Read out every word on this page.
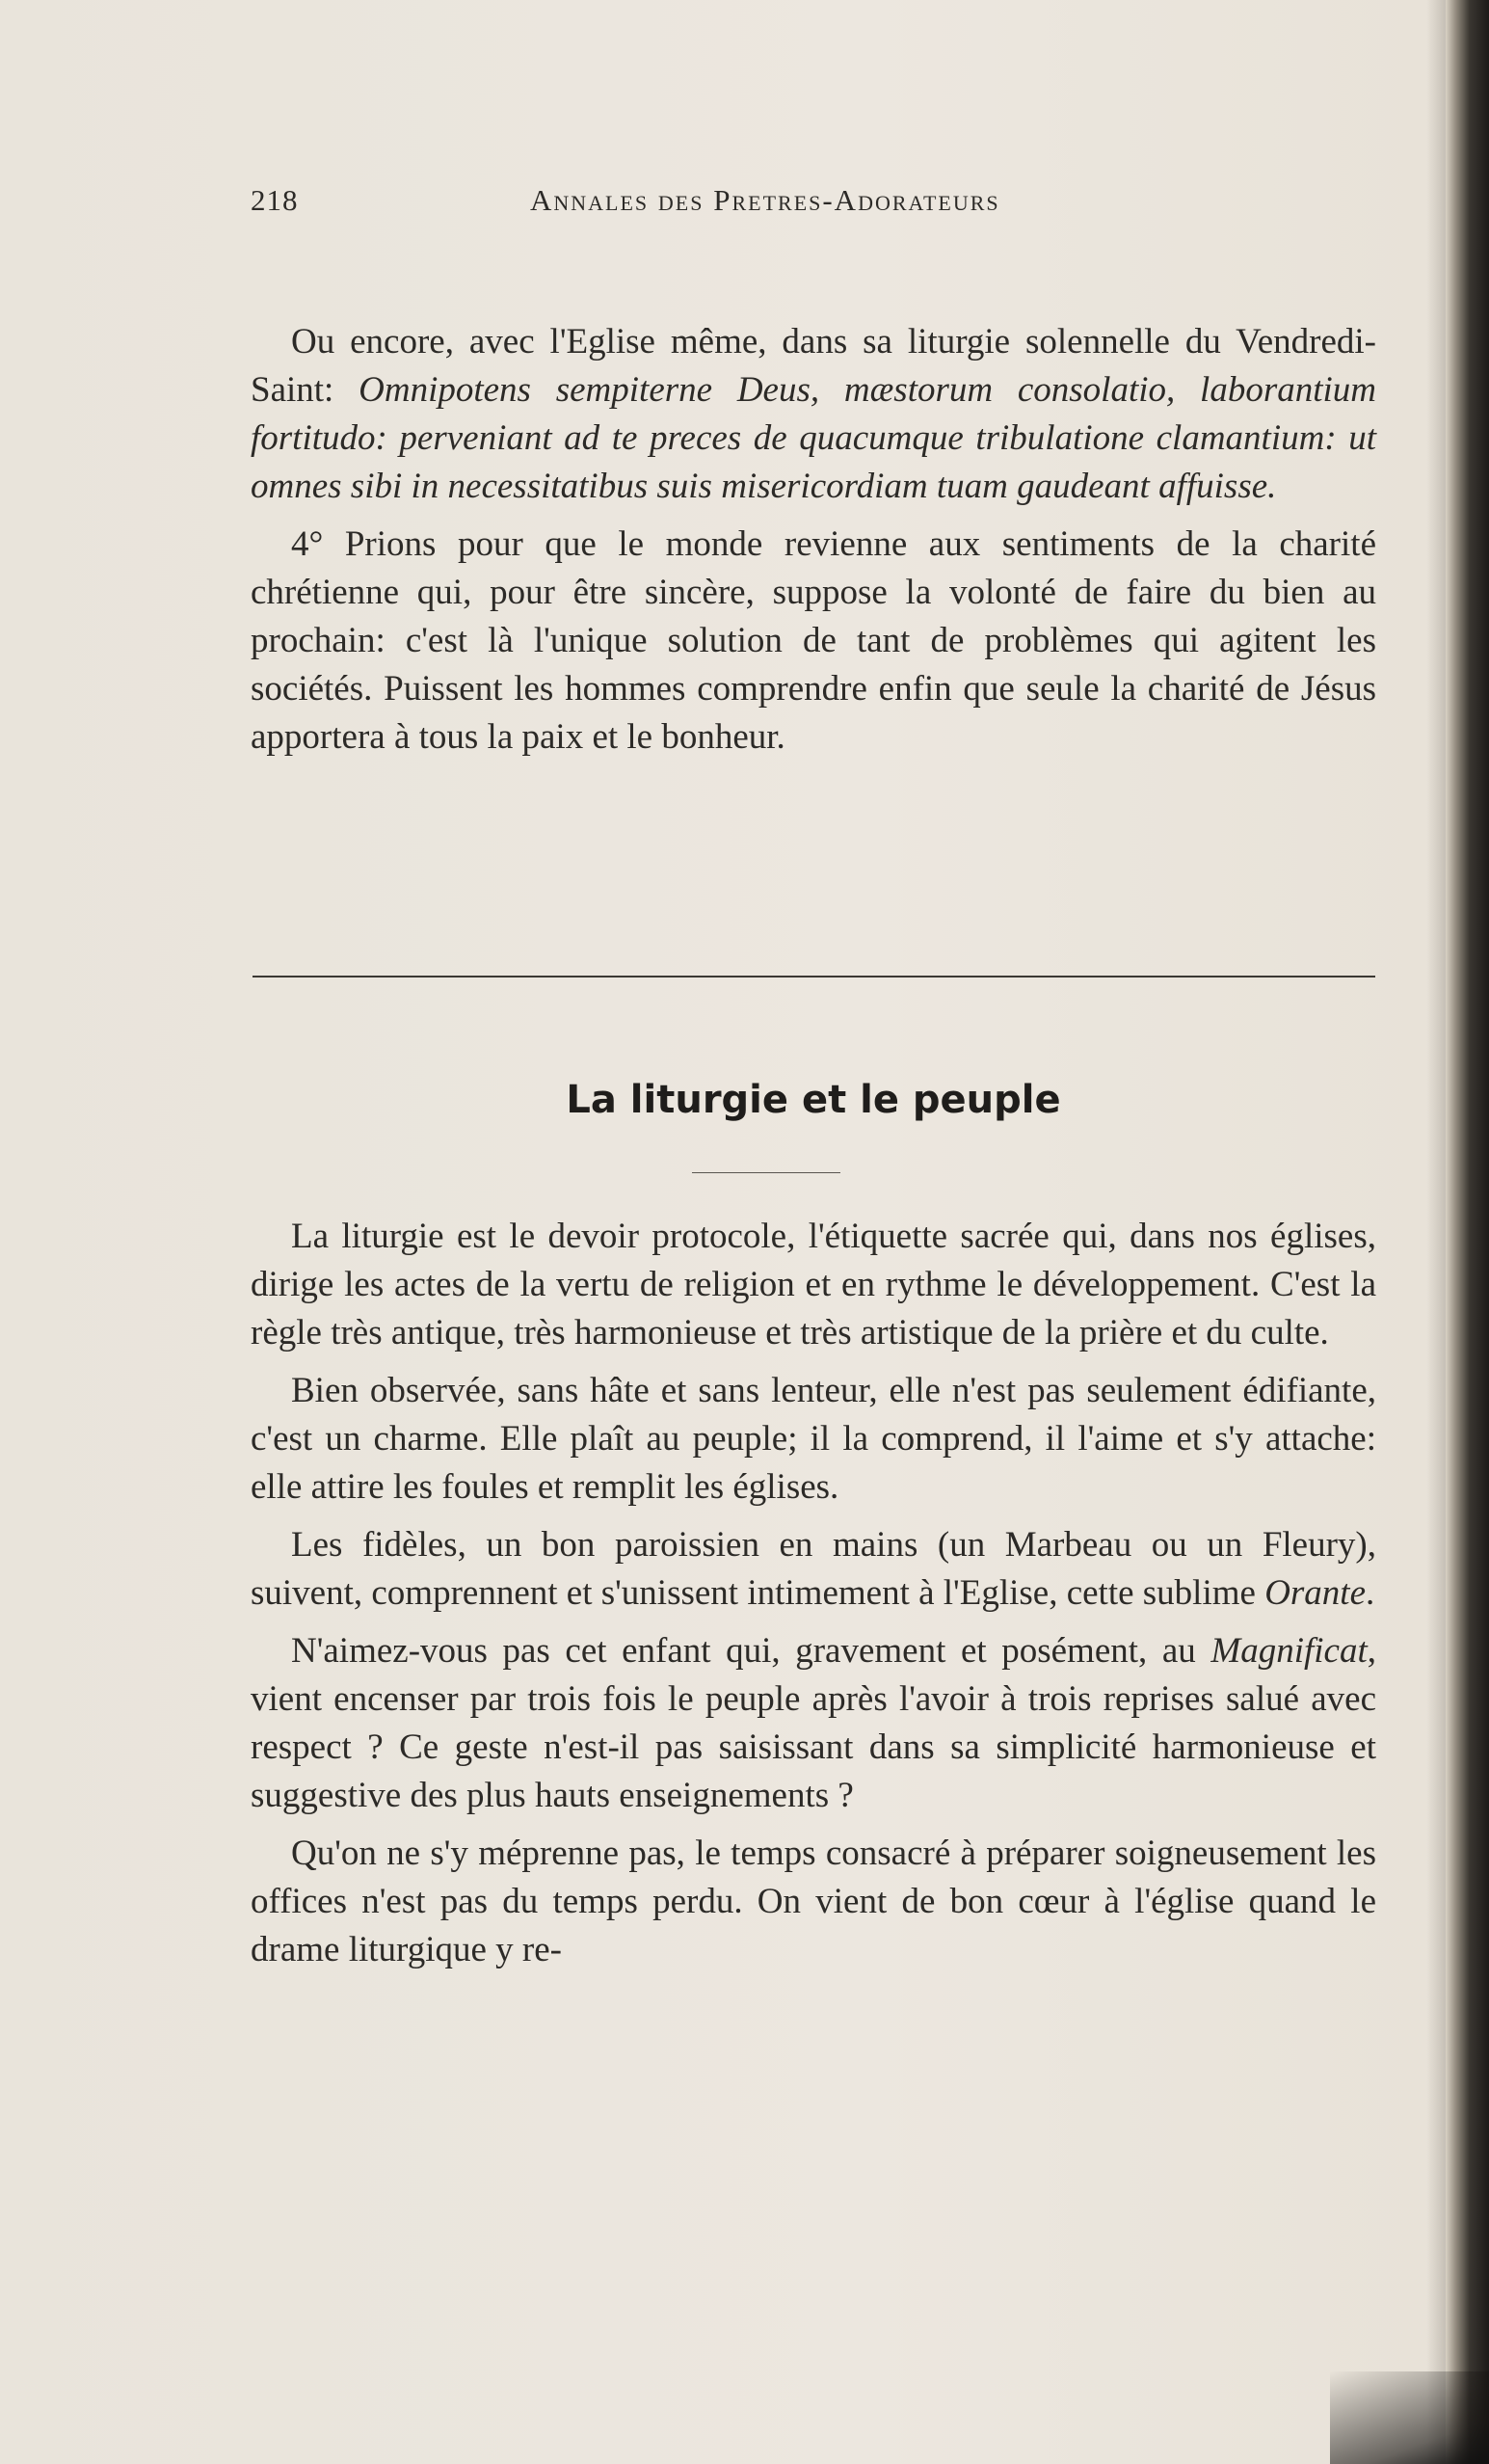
218	Annales des Pretres-Adorateurs

Ou encore, avec l'Eglise même, dans sa liturgie solennelle du Vendredi-Saint: Omnipotens sempiterne Deus, mæstorum consolatio, laborantium fortitudo: perveniant ad te preces de quacumque tribulatione clamantium: ut omnes sibi in necessitatibus suis misericordiam tuam gaudeant affuisse.

4° Prions pour que le monde revienne aux sentiments de la charité chrétienne qui, pour être sincère, suppose la volonté de faire du bien au prochain: c'est là l'unique solution de tant de problèmes qui agitent les sociétés. Puissent les hommes comprendre enfin que seule la charité de Jésus apportera à tous la paix et le bonheur.

La liturgie et le peuple

La liturgie est le devoir protocole, l'étiquette sacrée qui, dans nos églises, dirige les actes de la vertu de religion et en rythme le développement. C'est la règle très antique, très harmonieuse et très artistique de la prière et du culte.

Bien observée, sans hâte et sans lenteur, elle n'est pas seulement édifiante, c'est un charme. Elle plaît au peuple; il la comprend, il l'aime et s'y attache: elle attire les foules et remplit les églises.

Les fidèles, un bon paroissien en mains (un Marbeau ou un Fleury), suivent, comprennent et s'unissent intimement à l'Eglise, cette sublime Orante.

N'aimez-vous pas cet enfant qui, gravement et posément, au Magnificat, vient encenser par trois fois le peuple après l'avoir à trois reprises salué avec respect ? Ce geste n'est-il pas saisissant dans sa simplicité harmonieuse et suggestive des plus hauts enseignements ?

Qu'on ne s'y méprenne pas, le temps consacré à préparer soigneusement les offices n'est pas du temps perdu. On vient de bon cœur à l'église quand le drame liturgique y re-
